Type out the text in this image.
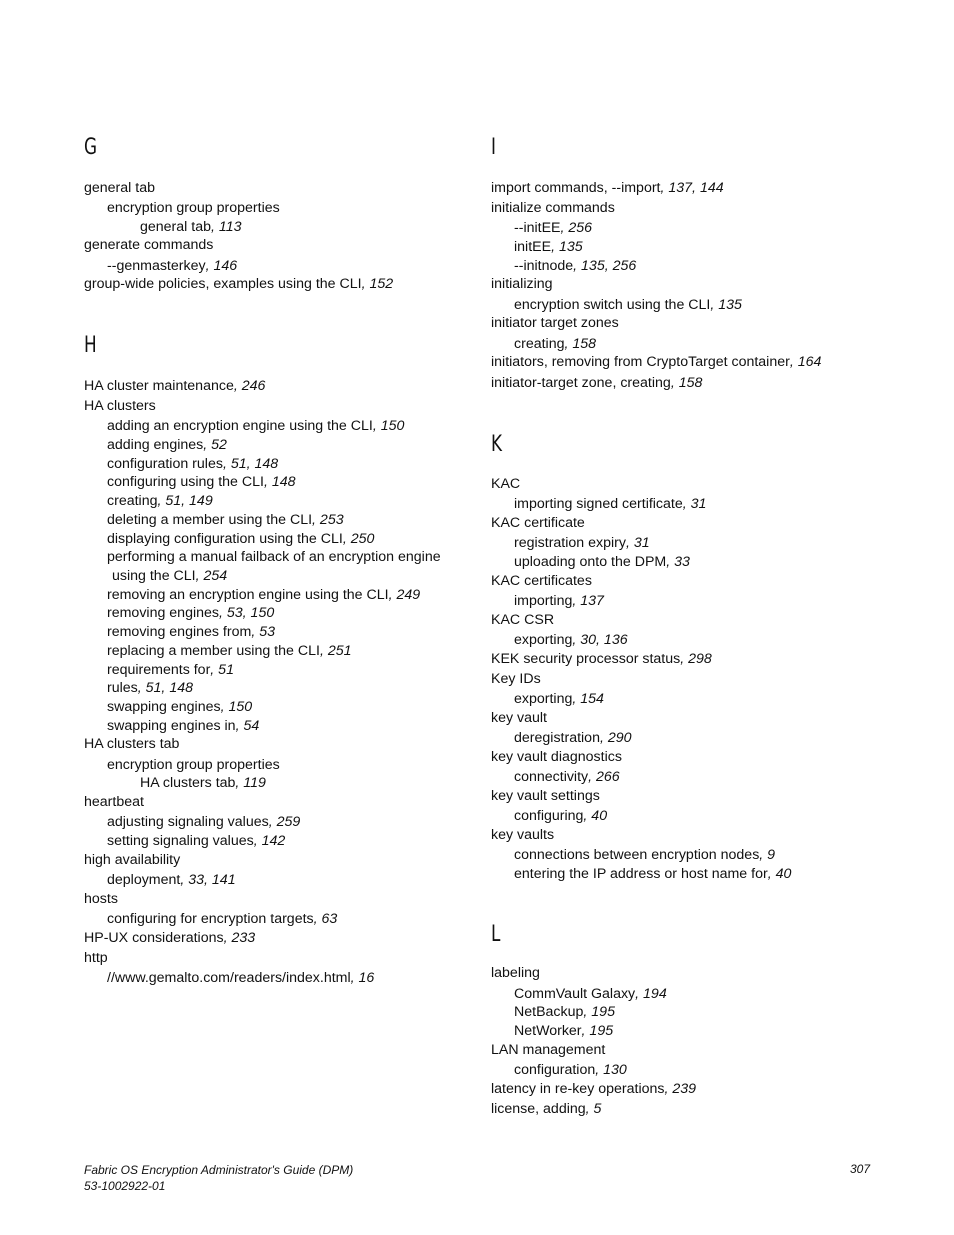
G
general tab
encryption group properties
general tab, 113
generate commands
--genmasterkey, 146
group-wide policies, examples using the CLI, 152
H
HA cluster maintenance, 246
HA clusters
adding an encryption engine using the CLI, 150
adding engines, 52
configuration rules, 51, 148
configuring using the CLI, 148
creating, 51, 149
deleting a member using the CLI, 253
displaying configuration using the CLI, 250
performing a manual failback of an encryption engine
using the CLI, 254
removing an encryption engine using the CLI, 249
removing engines, 53, 150
removing engines from, 53
replacing a member using the CLI, 251
requirements for, 51
rules, 51, 148
swapping engines, 150
swapping engines in, 54
HA clusters tab
encryption group properties
HA clusters tab, 119
heartbeat
adjusting signaling values, 259
setting signaling values, 142
high availability
deployment, 33, 141
hosts
configuring for encryption targets, 63
HP-UX considerations, 233
http
//www.gemalto.com/readers/index.html, 16
I
import commands, --import, 137, 144
initialize commands
--initEE, 256
initEE, 135
--initnode, 135, 256
initializing
encryption switch using the CLI, 135
initiator target zones
creating, 158
initiators, removing from CryptoTarget container, 164
initiator-target zone, creating, 158
K
KAC
importing signed certificate, 31
KAC certificate
registration expiry, 31
uploading onto the DPM, 33
KAC certificates
importing, 137
KAC CSR
exporting, 30, 136
KEK security processor status, 298
Key IDs
exporting, 154
key vault
deregistration, 290
key vault diagnostics
connectivity, 266
key vault settings
configuring, 40
key vaults
connections between encryption nodes, 9
entering the IP address or host name for, 40
L
labeling
CommVault Galaxy, 194
NetBackup, 195
NetWorker, 195
LAN management
configuration, 130
latency in re-key operations, 239
license, adding, 5
Fabric OS Encryption Administrator's Guide (DPM)
53-1002922-01
307
